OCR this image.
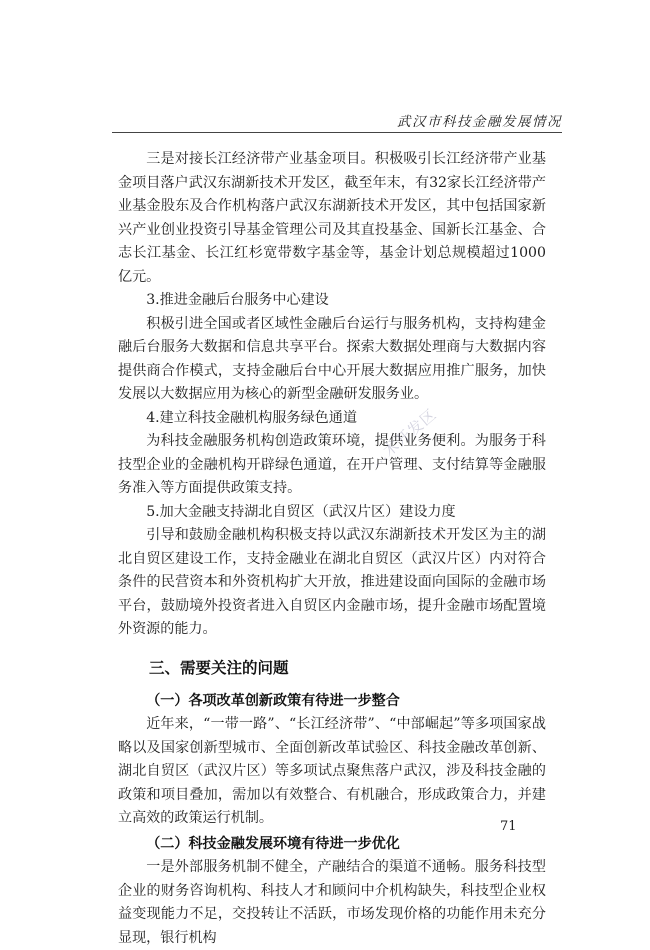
武汉市科技金融发展情况

三是对接长江经济带产业基金项目。积极吸引长江经济带产业基金项目落户武汉东湖新技术开发区，截至年末，有32家长江经济带产业基金股东及合作机构落户武汉东湖新技术开发区，其中包括国家新兴产业创业投资引导基金管理公司及其直投基金、国新长江基金、合志长江基金、长江红杉宽带数字基金等，基金计划总规模超过1000亿元。

3.推进金融后台服务中心建设

积极引进全国或者区域性金融后台运行与服务机构，支持构建金融后台服务大数据和信息共享平台。探索大数据处理商与大数据内容提供商合作模式，支持金融后台中心开展大数据应用推广服务，加快发展以大数据应用为核心的新型金融研发服务业。

4.建立科技金融机构服务绿色通道

为科技金融服务机构创造政策环境，提供业务便利。为服务于科技型企业的金融机构开辟绿色通道，在开户管理、支付结算等金融服务准入等方面提供政策支持。

5.加大金融支持湖北自贸区（武汉片区）建设力度

引导和鼓励金融机构积极支持以武汉东湖新技术开发区为主的湖北自贸区建设工作，支持金融业在湖北自贸区（武汉片区）内对符合条件的民营资本和外资机构扩大开放，推进建设面向国际的金融市场平台，鼓励境外投资者进入自贸区内金融市场，提升金融市场配置境外资源的能力。

三、需要关注的问题

（一）各项改革创新政策有待进一步整合

近年来，“一带一路”、“长江经济带”、“中部崛起”等多项国家战略以及国家创新型城市、全面创新改革试验区、科技金融改革创新、湖北自贸区（武汉片区）等多项试点聚焦落户武汉，涉及科技金融的政策和项目叠加，需加以有效整合、有机融合，形成政策合力，并建立高效的政策运行机制。

（二）科技金融发展环境有待进一步优化

一是外部服务机制不健全，产融结合的渠道不通畅。服务科技型企业的财务咨询机构、科技人才和顾问中介机构缺失，科技型企业权益变现能力不足，交投转让不活跃，市场发现价格的功能作用未充分显现，银行机构

…术开发区
71
